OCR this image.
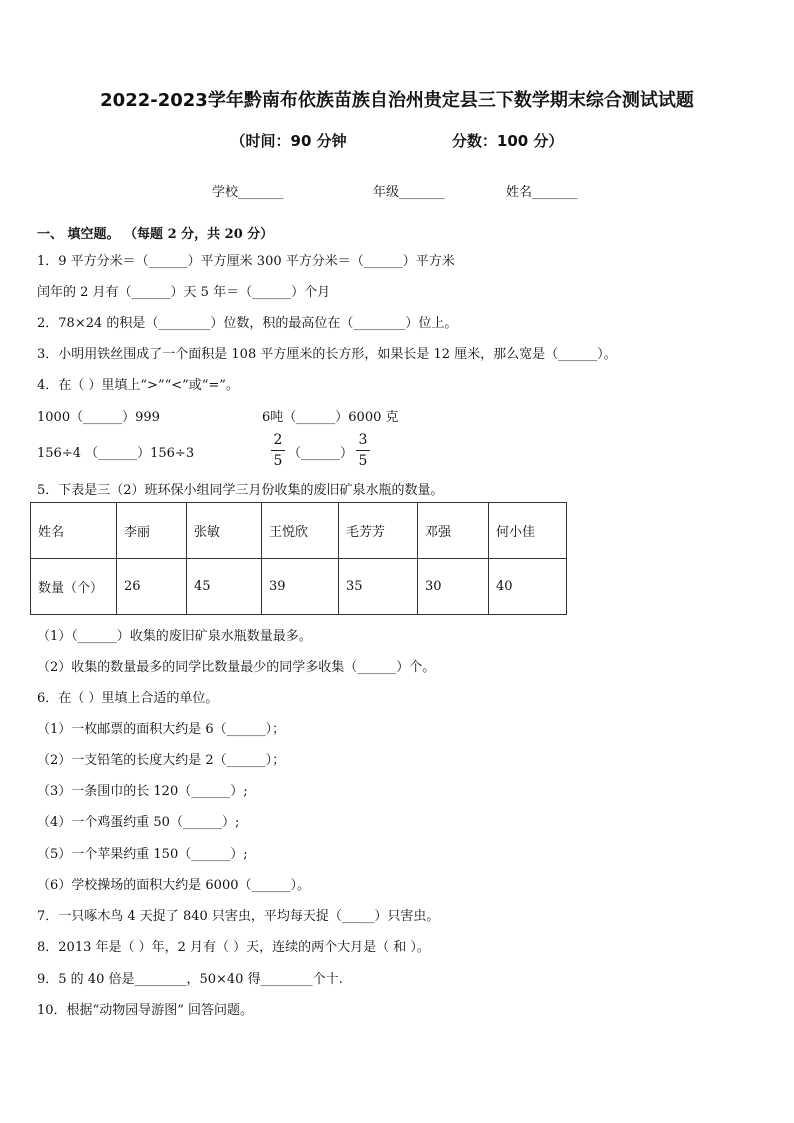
2022-2023学年黔南布依族苗族自治州贵定县三下数学期末综合测试试题
（时间：90 分钟	分数：100 分）
学校_______	年级_______	姓名_______
一、 填空题。 （每题 2 分，共 20 分）
1．9 平方分米＝（______）平方厘米 300 平方分米＝（______）平方米
闰年的 2 月有（______）天 5 年＝（______）个月
2．78×24 的积是（________）位数，积的最高位在（________）位上。
3．小明用铁丝围成了一个面积是 108 平方厘米的长方形，如果长是 12 厘米，那么宽是（______）。
4．在（ ）里填上“>”“<”或“=”。
1000（______）999	6吨（______）6000 克
156÷4 （______）156÷3
2
5 （______）
3
5
5．下表是三（2）班环保小组同学三月份收集的废旧矿泉水瓶的数量。
姓名	李丽	张敏	王悦欣	毛芳芳	邓强	何小佳
数量（个）	26	45	39	35	30	40
（1）（______）收集的废旧矿泉水瓶数量最多。
（2）收集的数量最多的同学比数量最少的同学多收集（______）个。
6．在（ ）里填上合适的单位。
（1）一枚邮票的面积大约是 6（______）；
（2）一支铅笔的长度大约是 2（______）；
（3）一条围巾的长 120（______）;
（4）一个鸡蛋约重 50（______）;
（5）一个苹果约重 150（______）;
（6）学校操场的面积大约是 6000（______）。
7．一只啄木鸟 4 天捉了 840 只害虫，平均每天捉（_____）只害虫。
8．2013 年是（ ）年，2 月有（ ）天，连续的两个大月是（ 和 ）。
9．5 的 40 倍是________，50×40 得________个十.
10．根据“动物园导游图” 回答问题。
